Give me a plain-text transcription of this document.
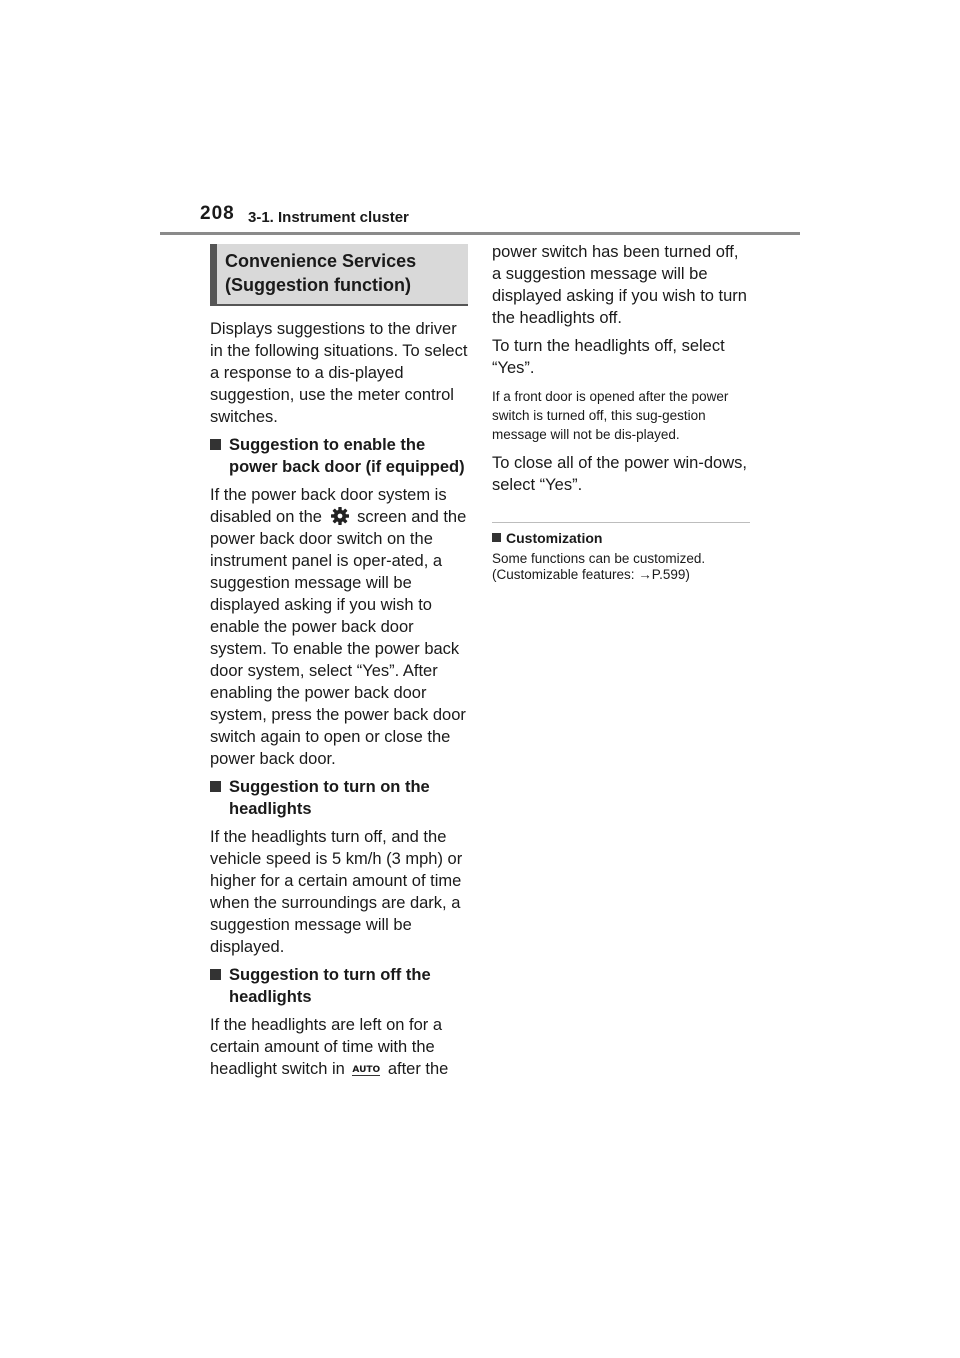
208 3-1. Instrument cluster
Convenience Services (Suggestion function)

Displays suggestions to the driver in the following situations. To select a response to a dis-played suggestion, use the meter control switches.

Suggestion to enable the power back door (if equipped)

If the power back door system is disabled on the screen and the power back door switch on the instrument panel is oper-ated, a suggestion message will be displayed asking if you wish to enable the power back door system. To enable the power back door system, select “Yes”. After enabling the power back door system, press the power back door switch again to open or close the power back door.

Suggestion to turn on the headlights

If the headlights turn off, and the vehicle speed is 5 km/h (3 mph) or higher for a certain amount of time when the surroundings are dark, a suggestion message will be displayed.

Suggestion to turn off the headlights

If the headlights are left on for a certain amount of time with the headlight switch in AUTO after the

power switch has been turned off, a suggestion message will be displayed asking if you wish to turn the headlights off.

To turn the headlights off, select “Yes”.

If a front door is opened after the power switch is turned off, this sug-gestion message will not be dis-played.

To close all of the power win-dows, select “Yes”.

Customization

Some functions can be customized.

(Customizable features: →P.599)
